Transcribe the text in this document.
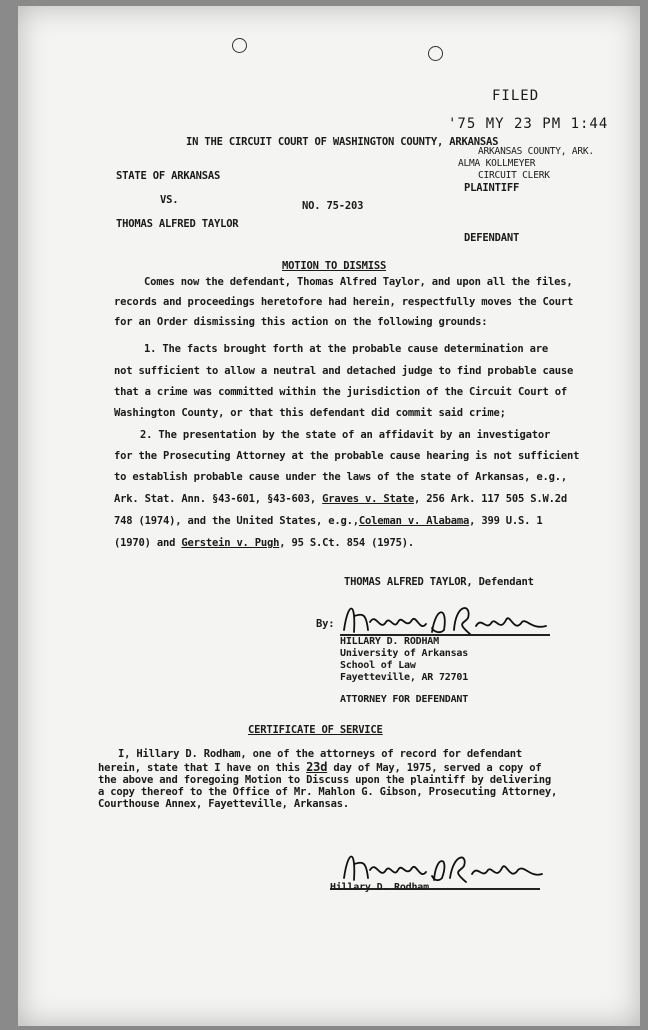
FILED
'75 MY 23 PM 1:44
ARKANSAS COUNTY, ARK.
ALMA KOLLMEYER
CIRCUIT CLERK
IN THE CIRCUIT COURT OF WASHINGTON COUNTY, ARKANSAS
STATE OF ARKANSAS
PLAINTIFF
VS.	NO. 75-203
THOMAS ALFRED TAYLOR
DEFENDANT
MOTION TO DISMISS
Comes now the defendant, Thomas Alfred Taylor, and upon all the files,
records and proceedings heretofore had herein, respectfully moves the Court
for an Order dismissing this action on the following grounds:
1. The facts brought forth at the probable cause determination are
not sufficient to allow a neutral and detached judge to find probable cause
that a crime was committed within the jurisdiction of the Circuit Court of
Washington County, or that this defendant did commit said crime;
2. The presentation by the state of an affidavit by an investigator
for the Prosecuting Attorney at the probable cause hearing is not sufficient
to establish probable cause under the laws of the state of Arkansas, e.g.,
Ark. Stat. Ann. §43-601, §43-603, Graves v. State, 256 Ark. 117 505 S.W.2d
748 (1974), and the United States, e.g.,Coleman v. Alabama, 399 U.S. 1
(1970) and Gerstein v. Pugh, 95 S.Ct. 854 (1975).
THOMAS ALFRED TAYLOR, Defendant
By:
HILLARY D. RODHAM
University of Arkansas
School of Law
Fayetteville, AR 72701
ATTORNEY FOR DEFENDANT
CERTIFICATE OF SERVICE
I, Hillary D. Rodham, one of the attorneys of record for defendant
herein, state that I have on this 23d day of May, 1975, served a copy of
the above and foregoing Motion to Discuss upon the plaintiff by delivering
a copy thereof to the Office of Mr. Mahlon G. Gibson, Prosecuting Attorney,
Courthouse Annex, Fayetteville, Arkansas.
Hillary D. Rodham
